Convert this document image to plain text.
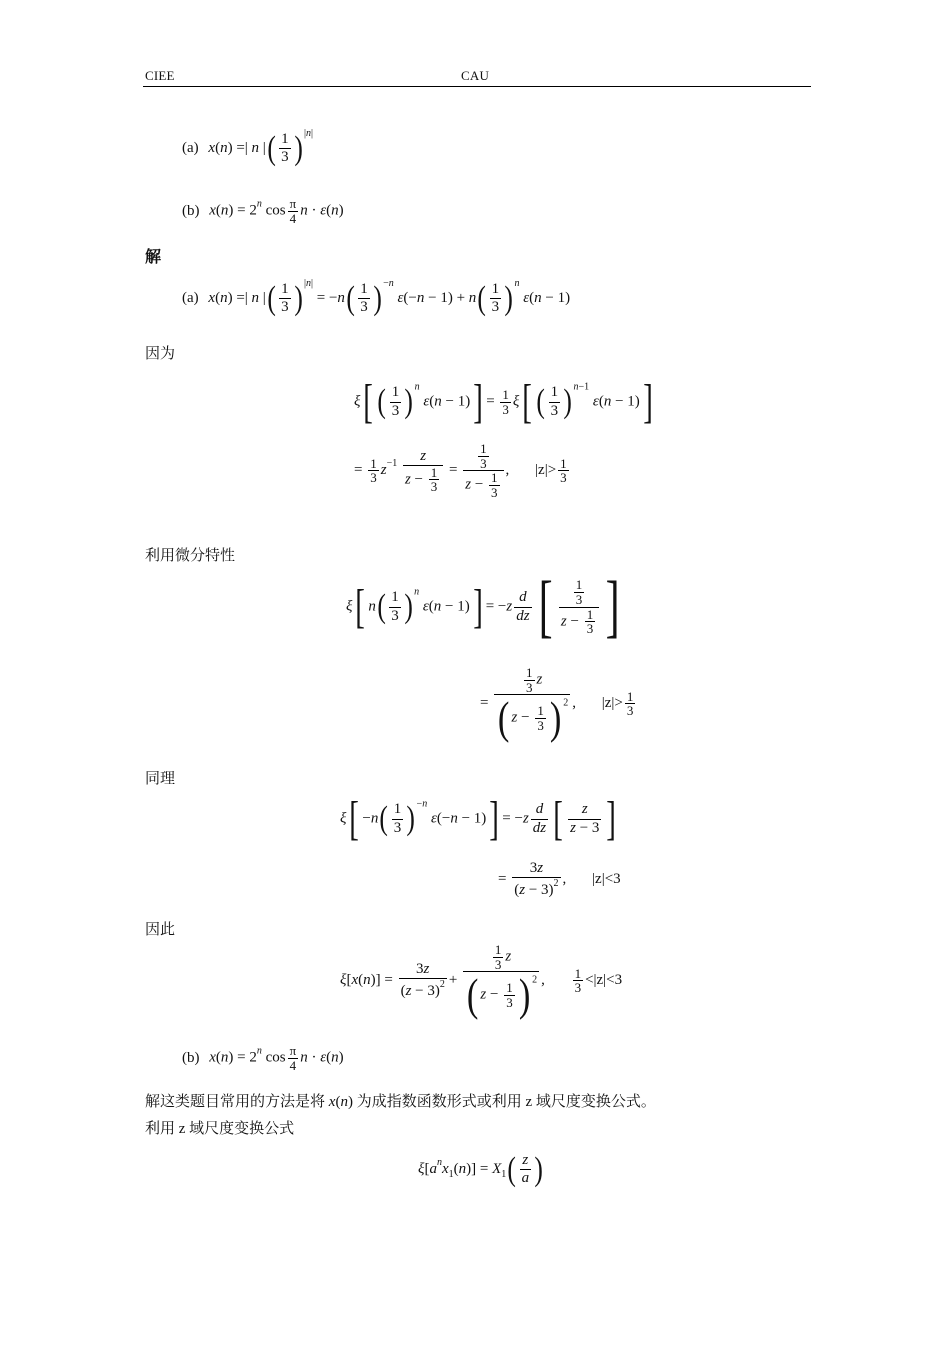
CIEE	CAU
(a) x(n) =| n |( $\frac{1}{3} )^{|n|}$
(b) $x(n) = 2^n$ $\cos \frac{\pi}{4}$ n · ε(n)
解
(a) x(n) =| n |( $\frac{1}{3} )^{|n|} = -n( \frac{1}{3} )^{-n}$ $\varepsilon(-n - 1) + n( \frac{1}{3} )^n$ ε(n − 1)
因为
ξ[ ( $\frac{1}{3} )^n$ $\varepsilon(n - 1)] = \frac{1}{3} \xi$[ ( $\frac{1}{3} )^{n-1}$ ε(n − 1)]
= $\frac{1}{3} z^{-1} \frac{z}{z - \frac{1}{3}} = \frac{\frac{1}{3}}{z - \frac{1}{3}}$ , $|z|> \frac{1}{3}$
利用微分特性
ξ[ $n( \frac{1}{3} )^n$ $\varepsilon(n - 1)] = -z \frac{d}{dz}$ [ $\frac{\frac{1}{3}}{z - \frac{1}{3}}$ ]
= $\frac{\frac{1}{3} z}{( z - \frac{1}{3} ) ^2}$ , $|z|> \frac{1}{3}$
同理
$\xi[ -n( \frac{1}{3} )^{-n}$ $\varepsilon(-n - 1)] = -z \frac{d}{dz}$ [ $\frac{z}{z - 3}$ ]
= $\frac{3z}{(z - 3)^2}$ , |z|<3
因此
$\xi[x(n)] = \frac{3z}{(z - 3)^2} + \frac{\frac{1}{3} z}{( z - \frac{1}{3} ) ^2}$ , $\frac{1}{3} <|z|<3$
(b) $x(n) = 2^n$ $\cos \frac{\pi}{4}$ n · ε(n)
解这类题目常用的方法是将 x(n) 为成指数函数形式或利用 z 域尺度变换公式。
利用 z 域尺度变换公式
$\xi[a^nx_1(n)] = X_1( \frac{z}{a}$ )
